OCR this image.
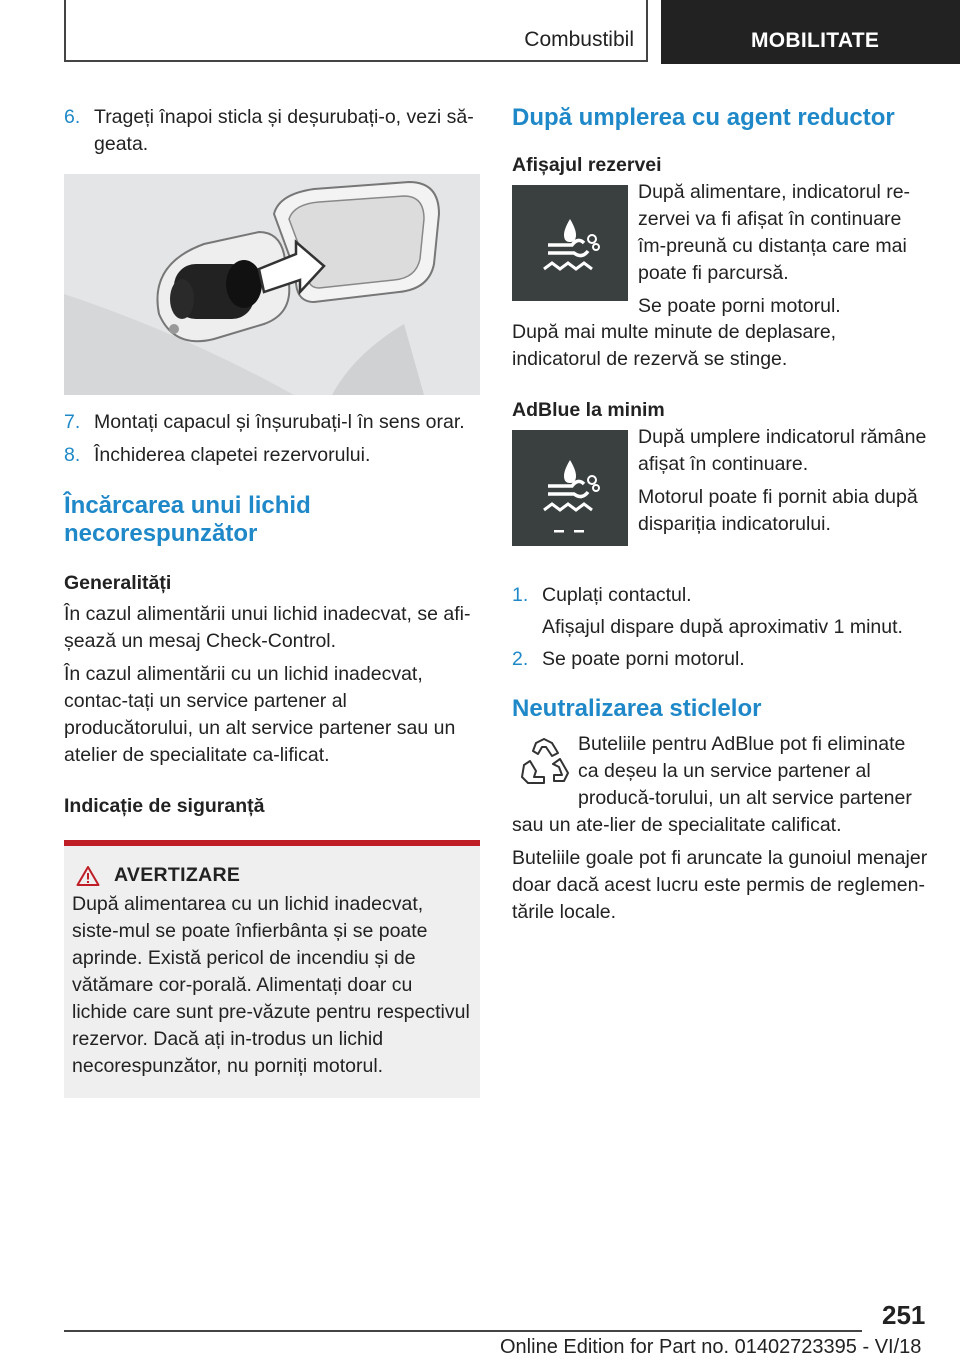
Combustibil	MOBILITATE
6. Trageți înapoi sticla și deșurubați-o, vezi să-geata.
7. Montați capacul și înșurubați-l în sens orar.
8. Închiderea clapetei rezervorului.
Încărcarea unui lichid necorespunzător
Generalități

În cazul alimentării unui lichid inadecvat, se afi-șează un mesaj Check-Control.

În cazul alimentării cu un lichid inadecvat, contac-tați un service partener al producătorului, un alt service partener sau un atelier de specialitate ca-lificat.

Indicație de siguranță
AVERTIZARE

După alimentarea cu un lichid inadecvat, siste-mul se poate înfierbânta și se poate aprinde. Există pericol de incendiu și de vătămare cor-porală. Alimentați doar cu lichide care sunt pre-văzute pentru respectivul rezervor. Dacă ați in-trodus un lichid necorespunzător, nu porniți motorul.

După umplerea cu agent reductor
Afișajul rezervei

După alimentare, indicatorul re-zervei va fi afișat în continuare îm-preună cu distanța care mai poate fi parcursă.

Se poate porni motorul.

După mai multe minute de deplasare, indicatorul de rezervă se stinge.

AdBlue la minim

După umplere indicatorul rămâne afișat în continuare.

Motorul poate fi pornit abia după dispariția indicatorului.

1. Cuplați contactul.

Afișajul dispare după aproximativ 1 minut.

2. Se poate porni motorul.
Neutralizarea sticlelor

Buteliile pentru AdBlue pot fi eliminate ca deșeu la un service partener al producă-torului, un alt service partener sau un ate-lier de specialitate calificat.

Buteliile goale pot fi aruncate la gunoiul menajer doar dacă acest lucru este permis de reglemen-tările locale.

251
Online Edition for Part no. 01402723395 - VI/18
